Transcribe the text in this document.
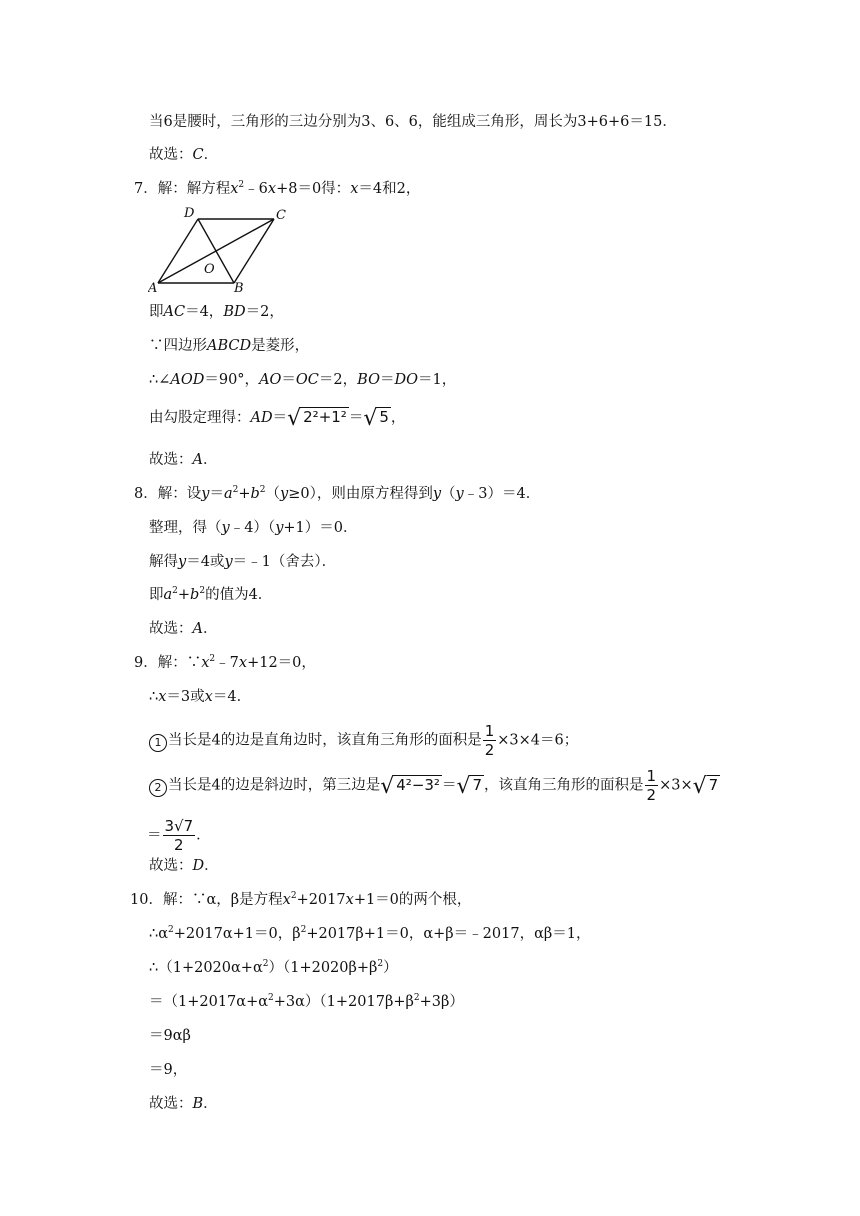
当6是腰时，三角形的三边分别为3、6、6，能组成三角形，周长为3+6+6＝15．
故选：C．
7．解：解方程$x^2﹣6x+8=0$得：x＝4和2，
A	B
C
D
O
即AC＝4，BD＝2，
∵四边形ABCD是菱形，
∴∠AOD＝90°，AO＝OC＝2，BO＝DO＝1，
由勾股定理得：AD＝√ 2²+1² ＝√ 5 ，
故选：A．
8．解：设$y=a^2+b^2(y\ge 0)$，则由原方程得到y（y﹣3）＝4．
整理，得（y﹣4）（y+1）＝0．
解得y＝4或y＝﹣1（舍去）．
即$a^2+b^2$的值为4．
故选：A．
9．解：$\because x^2﹣7x+12=0$，
∴x＝3或x＝4．
1 当长是4的边是直角边时，该直角三角形的面积是 $\frac{1}{2} \times 3\times 4=6$；
2 当长是4的边是斜边时，第三边是√ 4²−3² ＝√ 7 ，该直角三角形的面积是 $\frac{1}{2} \times 3\times√$ 7
＝ $\frac{3√7}{2}$ ．
故选：D．
10．解：∵α，β是方程$x^2+2017x+1=0$的两个根，
$\therefore\alpha^2+2017\alpha+1=0$，$\beta^2+2017\beta+1=0$，α+β＝﹣2017，αβ＝1，
$\therefore(1+2020\alpha+\alpha^2)(1+2020\beta+\beta^2)$
$=(1+2017\alpha+\alpha^2+3\alpha)(1+2017\beta+\beta^2+3\beta)$
＝9αβ
＝9，
故选：B．
